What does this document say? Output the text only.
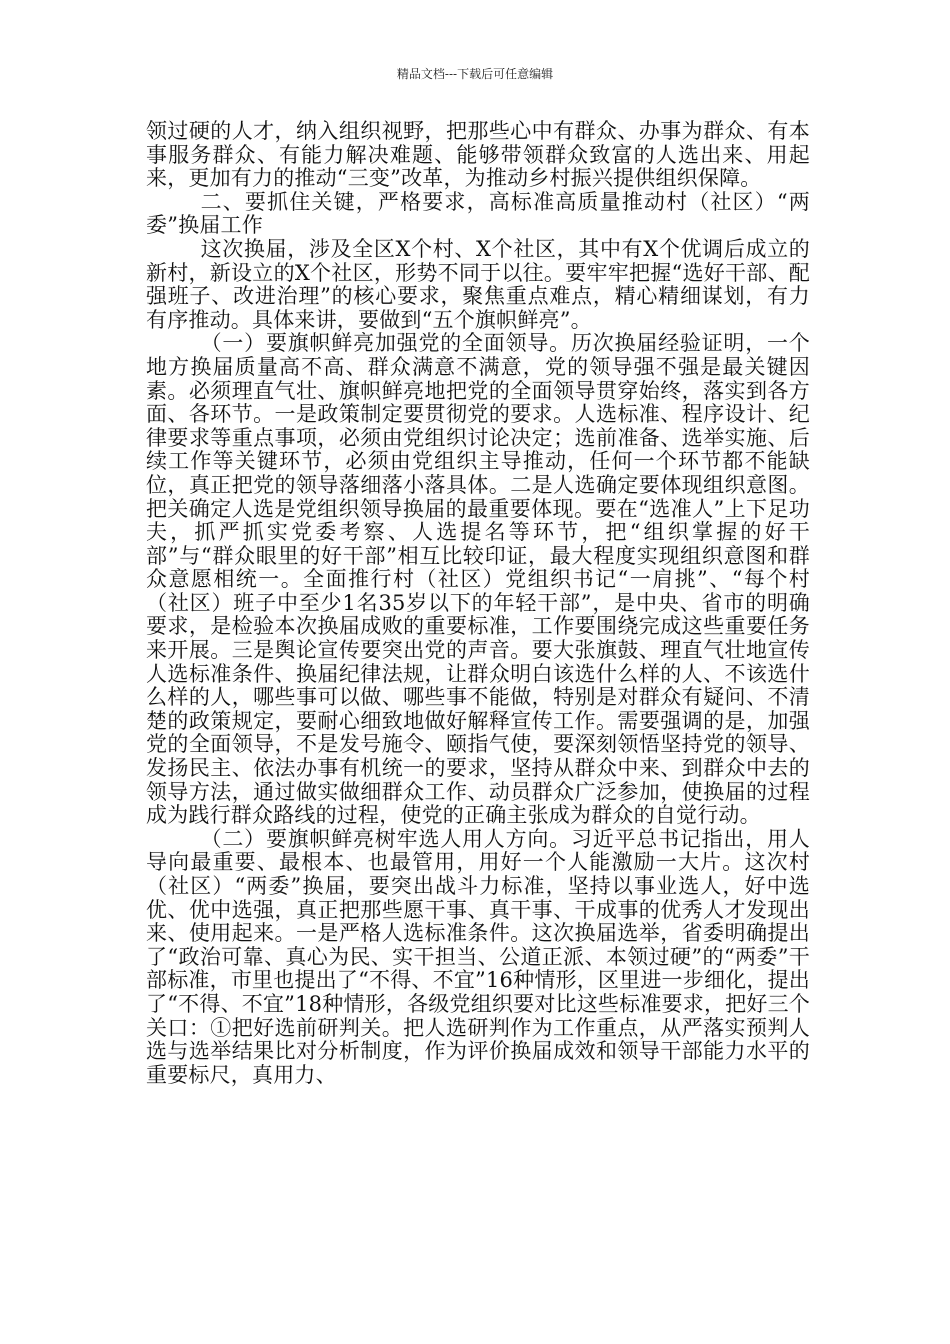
精品文档---下载后可任意编辑

领过硬的人才，纳入组织视野，把那些心中有群众、办事为群众、有本事服务群众、有能力解决难题、能够带领群众致富的人选出来、用起来，更加有力的推动“三变”改革，为推动乡村振兴提供组织保障。

二、要抓住关键，严格要求，高标准高质量推动村（社区）“两委”换届工作

这次换届，涉及全区X个村、X个社区，其中有X个优调后成立的新村，新设立的X个社区，形势不同于以往。要牢牢把握“选好干部、配强班子、改进治理”的核心要求，聚焦重点难点，精心精细谋划，有力有序推动。具体来讲，要做到“五个旗帜鲜亮”。

（一）要旗帜鲜亮加强党的全面领导。历次换届经验证明，一个地方换届质量高不高、群众满意不满意，党的领导强不强是最关键因素。必须理直气壮、旗帜鲜亮地把党的全面领导贯穿始终，落实到各方面、各环节。一是政策制定要贯彻党的要求。人选标准、程序设计、纪律要求等重点事项，必须由党组织讨论决定；选前准备、选举实施、后续工作等关键环节，必须由党组织主导推动，任何一个环节都不能缺位，真正把党的领导落细落小落具体。二是人选确定要体现组织意图。把关确定人选是党组织领导换届的最重要体现。要在“选准人”上下足功夫，抓严抓实党委考察、人选提名等环节，把“组织掌握的好干部”与“群众眼里的好干部”相互比较印证，最大程度实现组织意图和群众意愿相统一。全面推行村（社区）党组织书记“一肩挑”、“每个村（社区）班子中至少1名35岁以下的年轻干部”，是中央、省市的明确要求，是检验本次换届成败的重要标准，工作要围绕完成这些重要任务来开展。三是舆论宣传要突出党的声音。要大张旗鼓、理直气壮地宣传人选标准条件、换届纪律法规，让群众明白该选什么样的人、不该选什么样的人，哪些事可以做、哪些事不能做，特别是对群众有疑问、不清楚的政策规定，要耐心细致地做好解释宣传工作。需要强调的是，加强党的全面领导，不是发号施令、颐指气使，要深刻领悟坚持党的领导、发扬民主、依法办事有机统一的要求，坚持从群众中来、到群众中去的领导方法，通过做实做细群众工作、动员群众广泛参加，使换届的过程成为践行群众路线的过程，使党的正确主张成为群众的自觉行动。

（二）要旗帜鲜亮树牢选人用人方向。习近平总书记指出，用人导向最重要、最根本、也最管用，用好一个人能激励一大片。这次村（社区）“两委”换届，要突出战斗力标准，坚持以事业选人，好中选优、优中选强，真正把那些愿干事、真干事、干成事的优秀人才发现出来、使用起来。一是严格人选标准条件。这次换届选举，省委明确提出了“政治可靠、真心为民、实干担当、公道正派、本领过硬”的“两委”干部标准，市里也提出了“不得、不宜”16种情形，区里进一步细化，提出了“不得、不宜”18种情形，各级党组织要对比这些标准要求，把好三个关口：①把好选前研判关。把人选研判作为工作重点，从严落实预判人选与选举结果比对分析制度，作为评价换届成效和领导干部能力水平的重要标尺，真用力、
